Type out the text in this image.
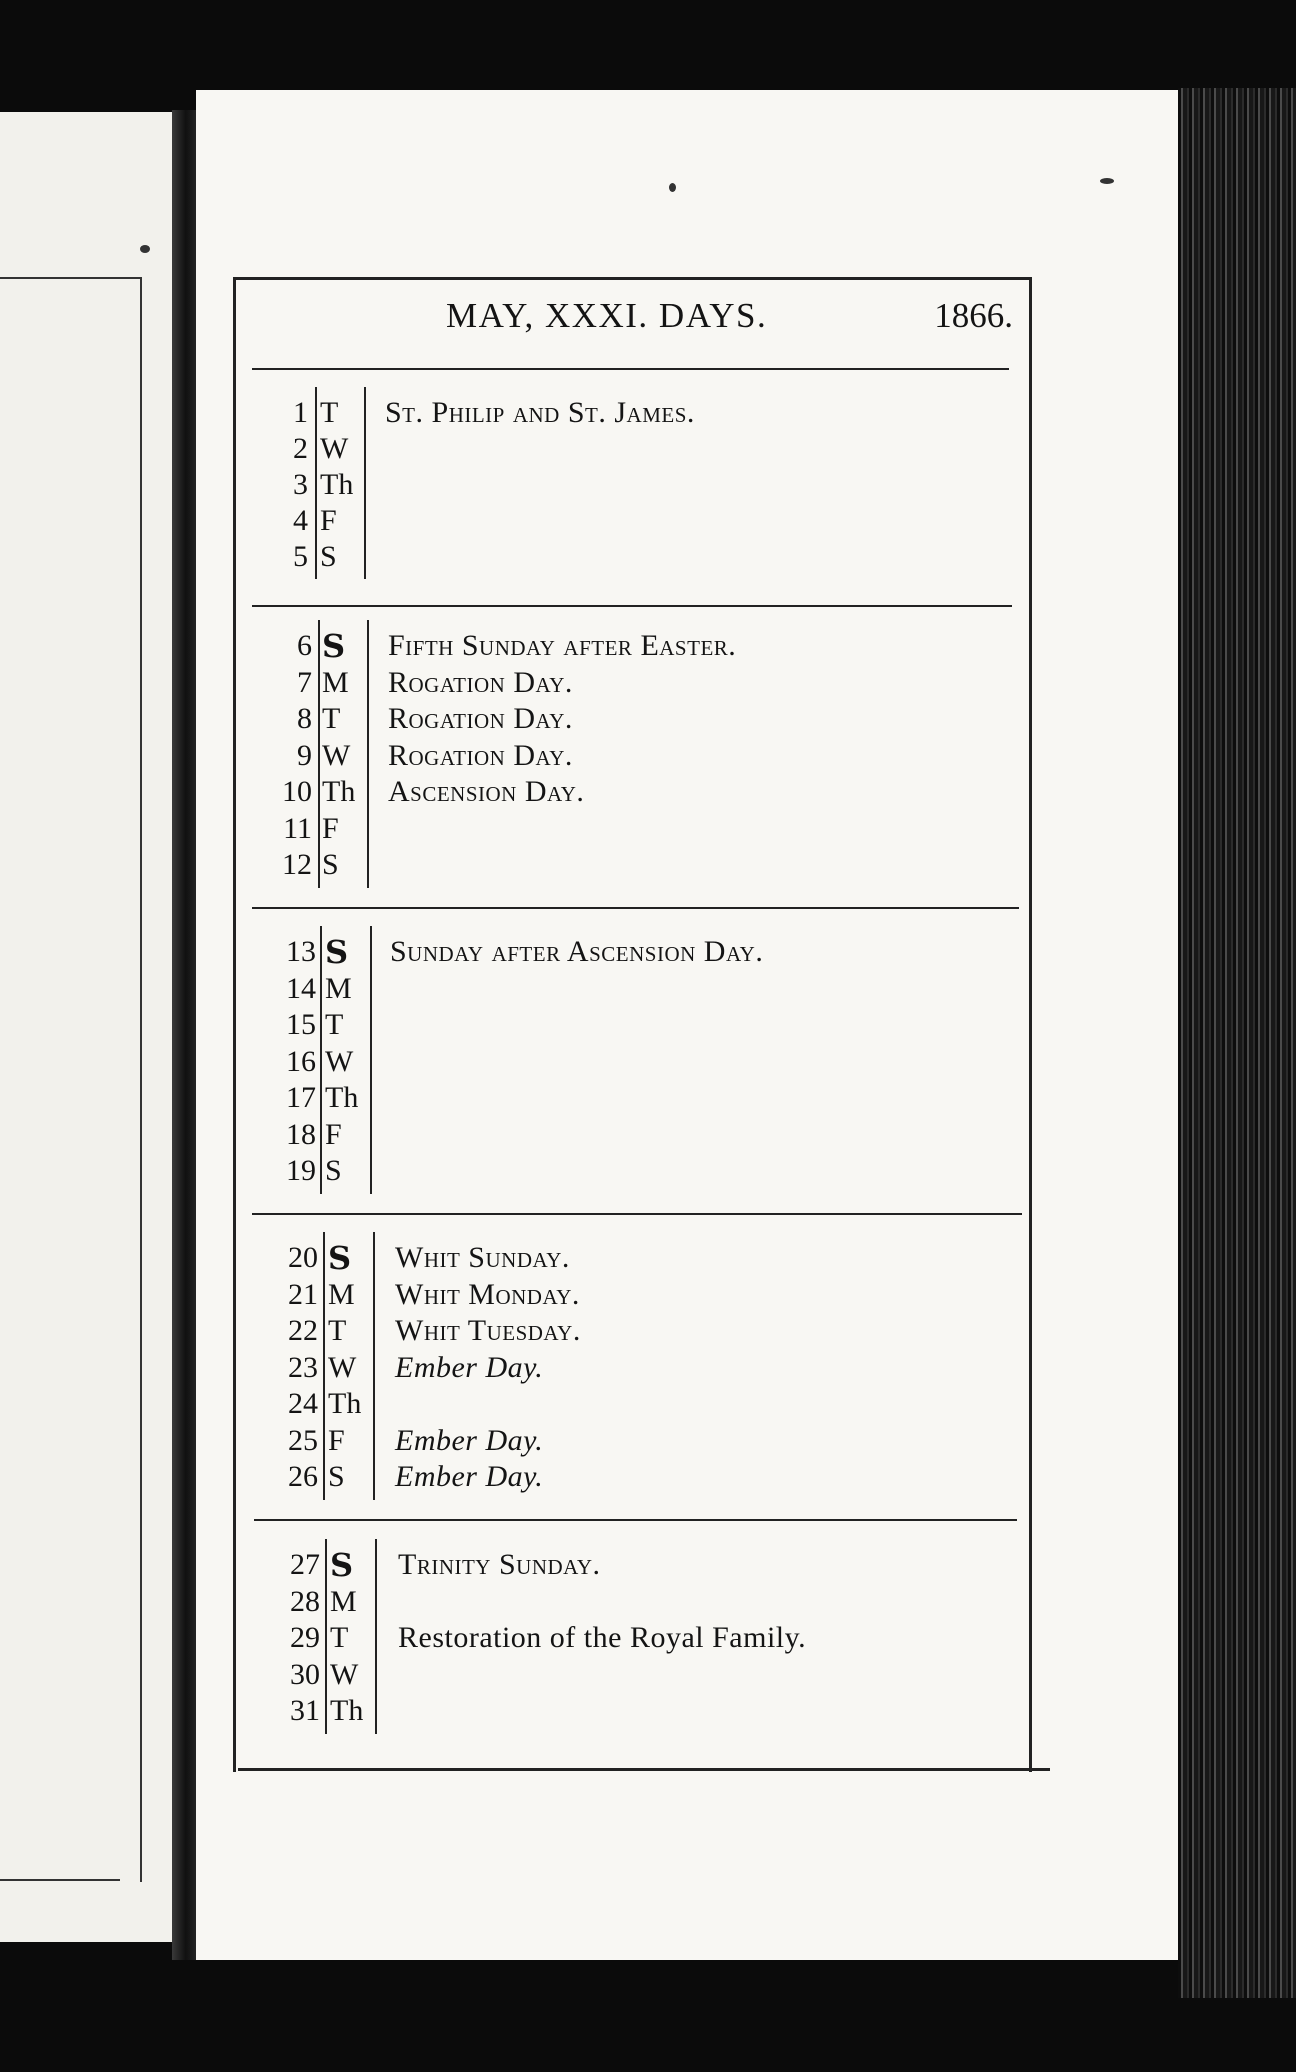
MAY, XXXI. DAYS.	1866.
1 T St. Philip and St. James.
2 W
3 Th
4 F
5 S
6 S Fifth Sunday after Easter.
7 M Rogation Day.
8 T Rogation Day.
9 W Rogation Day.
10 Th Ascension Day.
11 F
12 S
13 S Sunday after Ascension Day.
14 M
15 T
16 W
17 Th
18 F
19 S
20 S Whit Sunday.
21 M Whit Monday.
22 T Whit Tuesday.
23 W Ember Day.
24 Th
25 F Ember Day.
26 S Ember Day.
27 S Trinity Sunday.
28 M
29 T Restoration of the Royal Family.
30 W
31 Th
